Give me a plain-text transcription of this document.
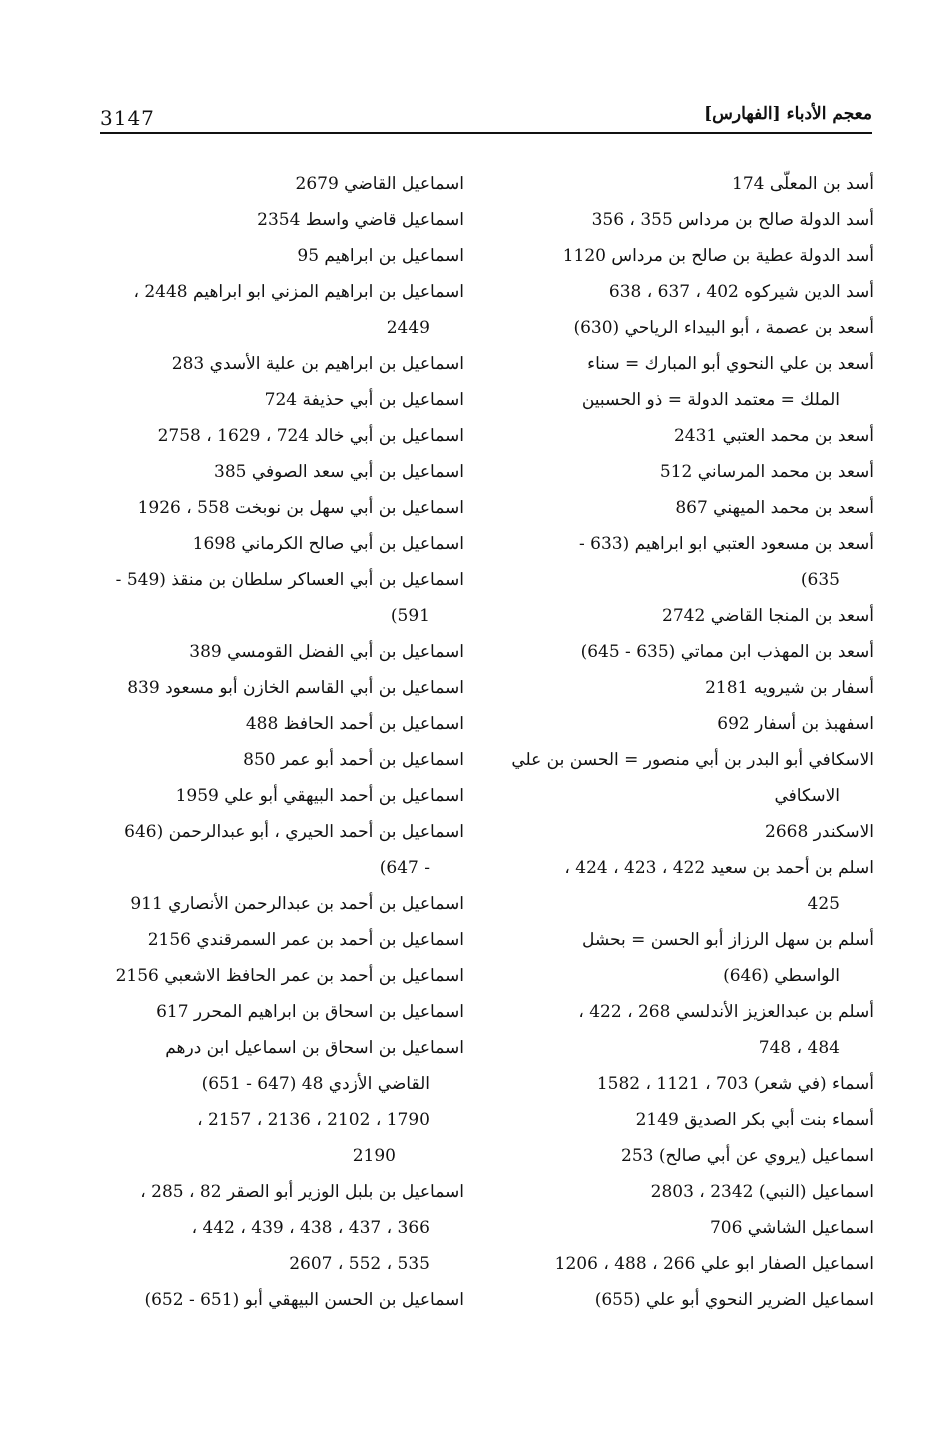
3147	معجم الأدباء [الفهارس]
أسد بن المعلّى 174
أسد الدولة صالح بن مرداس 355 ، 356
أسد الدولة عطية بن صالح بن مرداس 1120
أسد الدين شيركوه 402 ، 637 ، 638
أسعد بن عصمة ، أبو البيداء الرياحي (630)
أسعد بن علي النحوي أبو المبارك = سناء
الملك = معتمد الدولة = ذو الحسبين
أسعد بن محمد العتبي 2431
أسعد بن محمد المرساني 512
أسعد بن محمد الميهني 867
أسعد بن مسعود العتبي ابو ابراهيم (633 -
635)
أسعد بن المنجا القاضي 2742
أسعد بن المهذب ابن مماتي (635 - 645)
أسفار بن شيرويه 2181
اسفهبذ بن أسفار 692
الاسكافي أبو البدر بن أبي منصور = الحسن بن علي
الاسكافي
الاسكندر 2668
اسلم بن أحمد بن سعيد 422 ، 423 ، 424 ،
425
أسلم بن سهل الرزاز أبو الحسن = بحشل
الواسطي (646)
أسلم بن عبدالعزيز الأندلسي 268 ، 422 ،
484 ، 748
أسماء (في شعر) 703 ، 1121 ، 1582
أسماء بنت أبي بكر الصديق 2149
اسماعيل (يروي عن أبي صالح) 253
اسماعيل (النبي) 2342 ، 2803
اسماعيل الشاشي 706
اسماعيل الصفار ابو علي 266 ، 488 ، 1206
اسماعيل الضرير النحوي أبو علي (655)
اسماعيل القاضي 2679
اسماعيل قاضي واسط 2354
اسماعيل بن ابراهيم 95
اسماعيل بن ابراهيم المزني ابو ابراهيم 2448 ،
2449
اسماعيل بن ابراهيم بن علية الأسدي 283
اسماعيل بن أبي حذيفة 724
اسماعيل بن أبي خالد 724 ، 1629 ، 2758
اسماعيل بن أبي سعد الصوفي 385
اسماعيل بن أبي سهل بن نوبخت 558 ، 1926
اسماعيل بن أبي صالح الكرماني 1698
اسماعيل بن أبي العساكر سلطان بن منقذ (549 -
591)
اسماعيل بن أبي الفضل القومسي 389
اسماعيل بن أبي القاسم الخازن أبو مسعود 839
اسماعيل بن أحمد الحافظ 488
اسماعيل بن أحمد أبو عمر 850
اسماعيل بن أحمد البيهقي أبو علي 1959
اسماعيل بن أحمد الحيري ، أبو عبدالرحمن (646
- 647)
اسماعيل بن أحمد بن عبدالرحمن الأنصاري 911
اسماعيل بن أحمد بن عمر السمرقندي 2156
اسماعيل بن أحمد بن عمر الحافظ الاشعبي 2156
اسماعيل بن اسحاق بن ابراهيم المحرر 617
اسماعيل بن اسحاق بن اسماعيل ابن درهم
القاضي الأزدي 48 (647 - 651)
1790 ، 2102 ، 2136 ، 2157 ،
2190
اسماعيل بن بلبل الوزير أبو الصقر 82 ، 285 ،
366 ، 437 ، 438 ، 439 ، 442 ،
535 ، 552 ، 2607
اسماعيل بن الحسن البيهقي أبو (651 - 652)
